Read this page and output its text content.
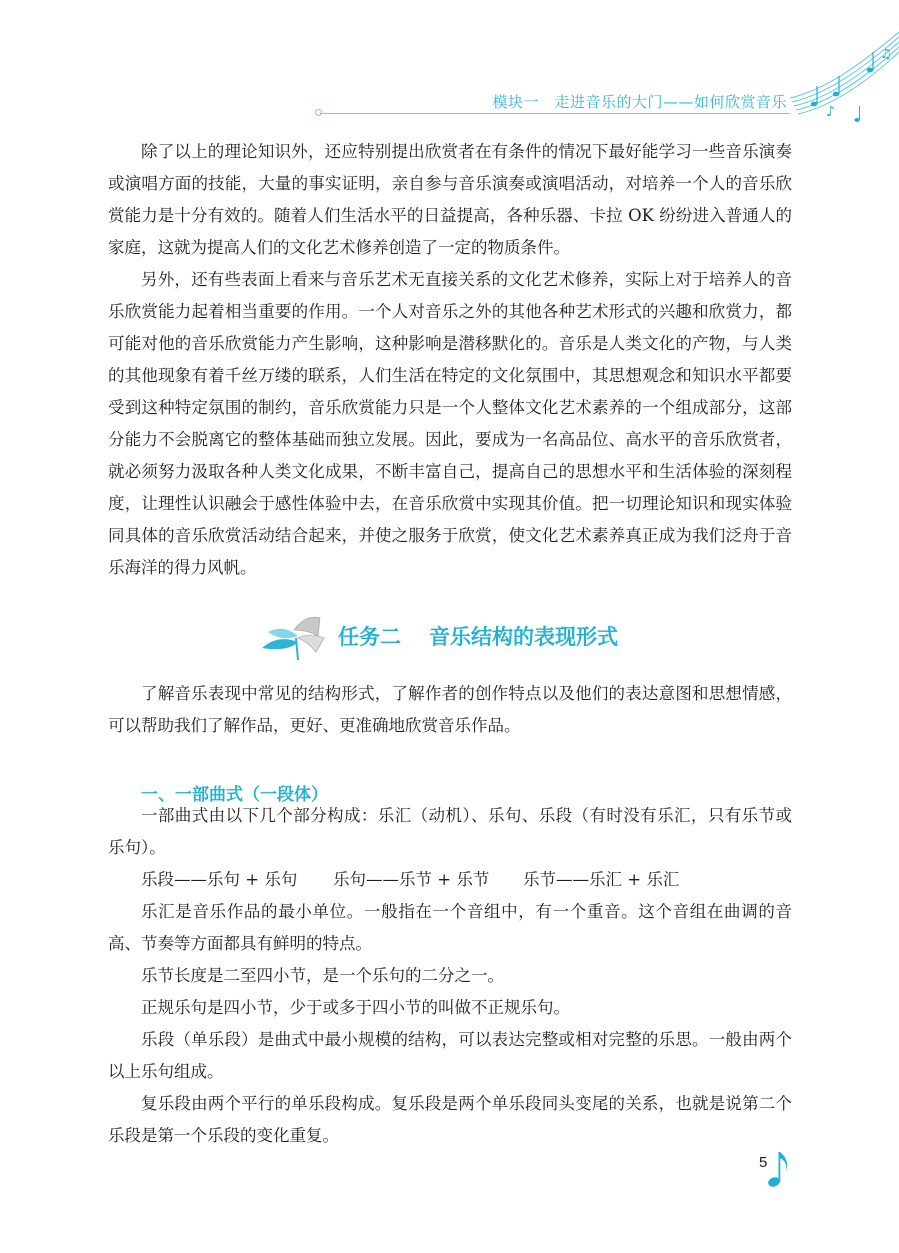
模块一　走进音乐的大门——如何欣赏音乐
♪
♫

除了以上的理论知识外，还应特别提出欣赏者在有条件的情况下最好能学习一些音乐演奏或演唱方面的技能，大量的事实证明，亲自参与音乐演奏或演唱活动，对培养一个人的音乐欣赏能力是十分有效的。随着人们生活水平的日益提高，各种乐器、卡拉 OK 纷纷进入普通人的家庭，这就为提高人们的文化艺术修养创造了一定的物质条件。

另外，还有些表面上看来与音乐艺术无直接关系的文化艺术修养，实际上对于培养人的音乐欣赏能力起着相当重要的作用。一个人对音乐之外的其他各种艺术形式的兴趣和欣赏力，都可能对他的音乐欣赏能力产生影响，这种影响是潜移默化的。音乐是人类文化的产物，与人类的其他现象有着千丝万缕的联系，人们生活在特定的文化氛围中，其思想观念和知识水平都要受到这种特定氛围的制约，音乐欣赏能力只是一个人整体文化艺术素养的一个组成部分，这部分能力不会脱离它的整体基础而独立发展。因此，要成为一名高品位、高水平的音乐欣赏者，就必须努力汲取各种人类文化成果，不断丰富自己，提高自己的思想水平和生活体验的深刻程度，让理性认识融会于感性体验中去，在音乐欣赏中实现其价值。把一切理论知识和现实体验同具体的音乐欣赏活动结合起来，并使之服务于欣赏，使文化艺术素养真正成为我们泛舟于音乐海洋的得力风帆。

任务二 音乐结构的表现形式

了解音乐表现中常见的结构形式，了解作者的创作特点以及他们的表达意图和思想情感，可以帮助我们了解作品，更好、更准确地欣赏音乐作品。

一、一部曲式（一段体）

一部曲式由以下几个部分构成：乐汇（动机）、乐句、乐段（有时没有乐汇，只有乐节或乐句）。

乐段——乐句 + 乐句 乐句——乐节 + 乐节 乐节——乐汇 + 乐汇

乐汇是音乐作品的最小单位。一般指在一个音组中，有一个重音。这个音组在曲调的音高、节奏等方面都具有鲜明的特点。

乐节长度是二至四小节，是一个乐句的二分之一。

正规乐句是四小节，少于或多于四小节的叫做不正规乐句。

乐段（单乐段）是曲式中最小规模的结构，可以表达完整或相对完整的乐思。一般由两个以上乐句组成。

复乐段由两个平行的单乐段构成。复乐段是两个单乐段同头变尾的关系，也就是说第二个乐段是第一个乐段的变化重复。

5
